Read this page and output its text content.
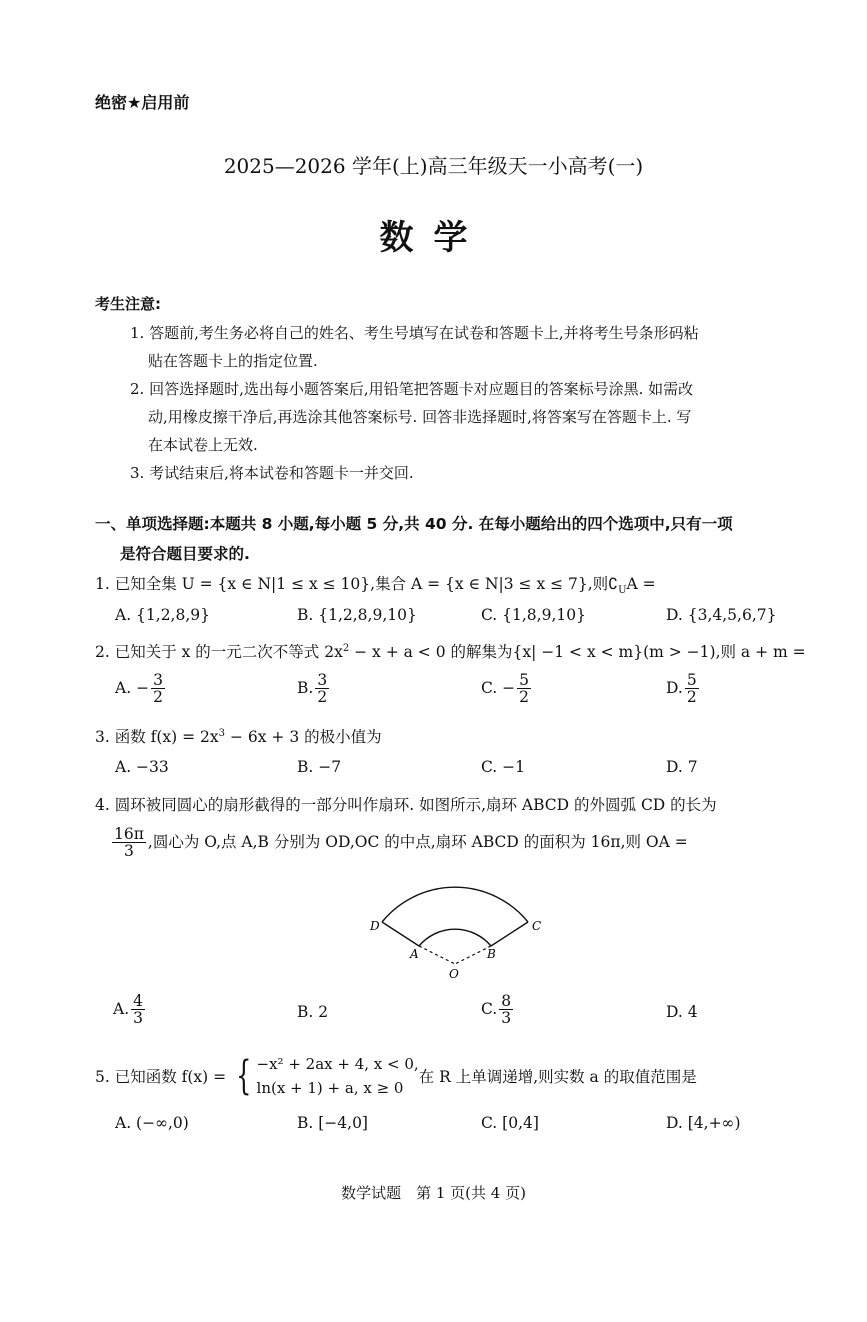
绝密★启用前
2025—2026 学年(上)高三年级天一小高考(一)
数学
考生注意:
1. 答题前,考生务必将自己的姓名、考生号填写在试卷和答题卡上,并将考生号条形码粘
贴在答题卡上的指定位置.
2. 回答选择题时,选出每小题答案后,用铅笔把答题卡对应题目的答案标号涂黑. 如需改
动,用橡皮擦干净后,再选涂其他答案标号. 回答非选择题时,将答案写在答题卡上. 写
在本试卷上无效.
3. 考试结束后,将本试卷和答题卡一并交回.
一、单项选择题:本题共 8 小题,每小题 5 分,共 40 分. 在每小题给出的四个选项中,只有一项
是符合题目要求的.
1. 已知全集 U = {x ∈ N|1 ≤ x ≤ 10},集合 A = {x ∈ N|3 ≤ x ≤ 7},则$∁_UA$ =
A. {1,2,8,9}	B. {1,2,8,9,10}	C. {1,8,9,10}	D. {3,4,5,6,7}
2. 已知关于 x 的一元二次不等式 $2x^2 - x + a < 0$ 的解集为{x| −1 < x < m}(m > −1),则 a + m =
A. − $\frac{3}{2}$	B. $\frac{3}{2}$	C. − $\frac{5}{2}$	D. $\frac{5}{2}$
3. 函数 $f(x) = 2x^3 - 6x + 3$ 的极小值为
A. −33	B. −7	C. −1	D. 7
4. 圆环被同圆心的扇形截得的一部分叫作扇环. 如图所示,扇环 ABCD 的外圆弧 CD 的长为
$\frac{16\pi}{3}$ ,圆心为 O,点 A,B 分别为 OD,OC 的中点,扇环 ABCD 的面积为 16π,则 OA =
D	C
A	B
O
A. $\frac{4}{3}$	B. 2	C. $\frac{8}{3}$	D. 4
5. 已知函数 f(x) = { −x² + 2ax + 4, x < 0,
ln(x + 1) + a, x ≥ 0
在 R 上单调递增,则实数 a 的取值范围是
A. (−∞,0)	B. [−4,0]	C. [0,4]	D. [4,+∞)
数学试题　第 1 页(共 4 页)
